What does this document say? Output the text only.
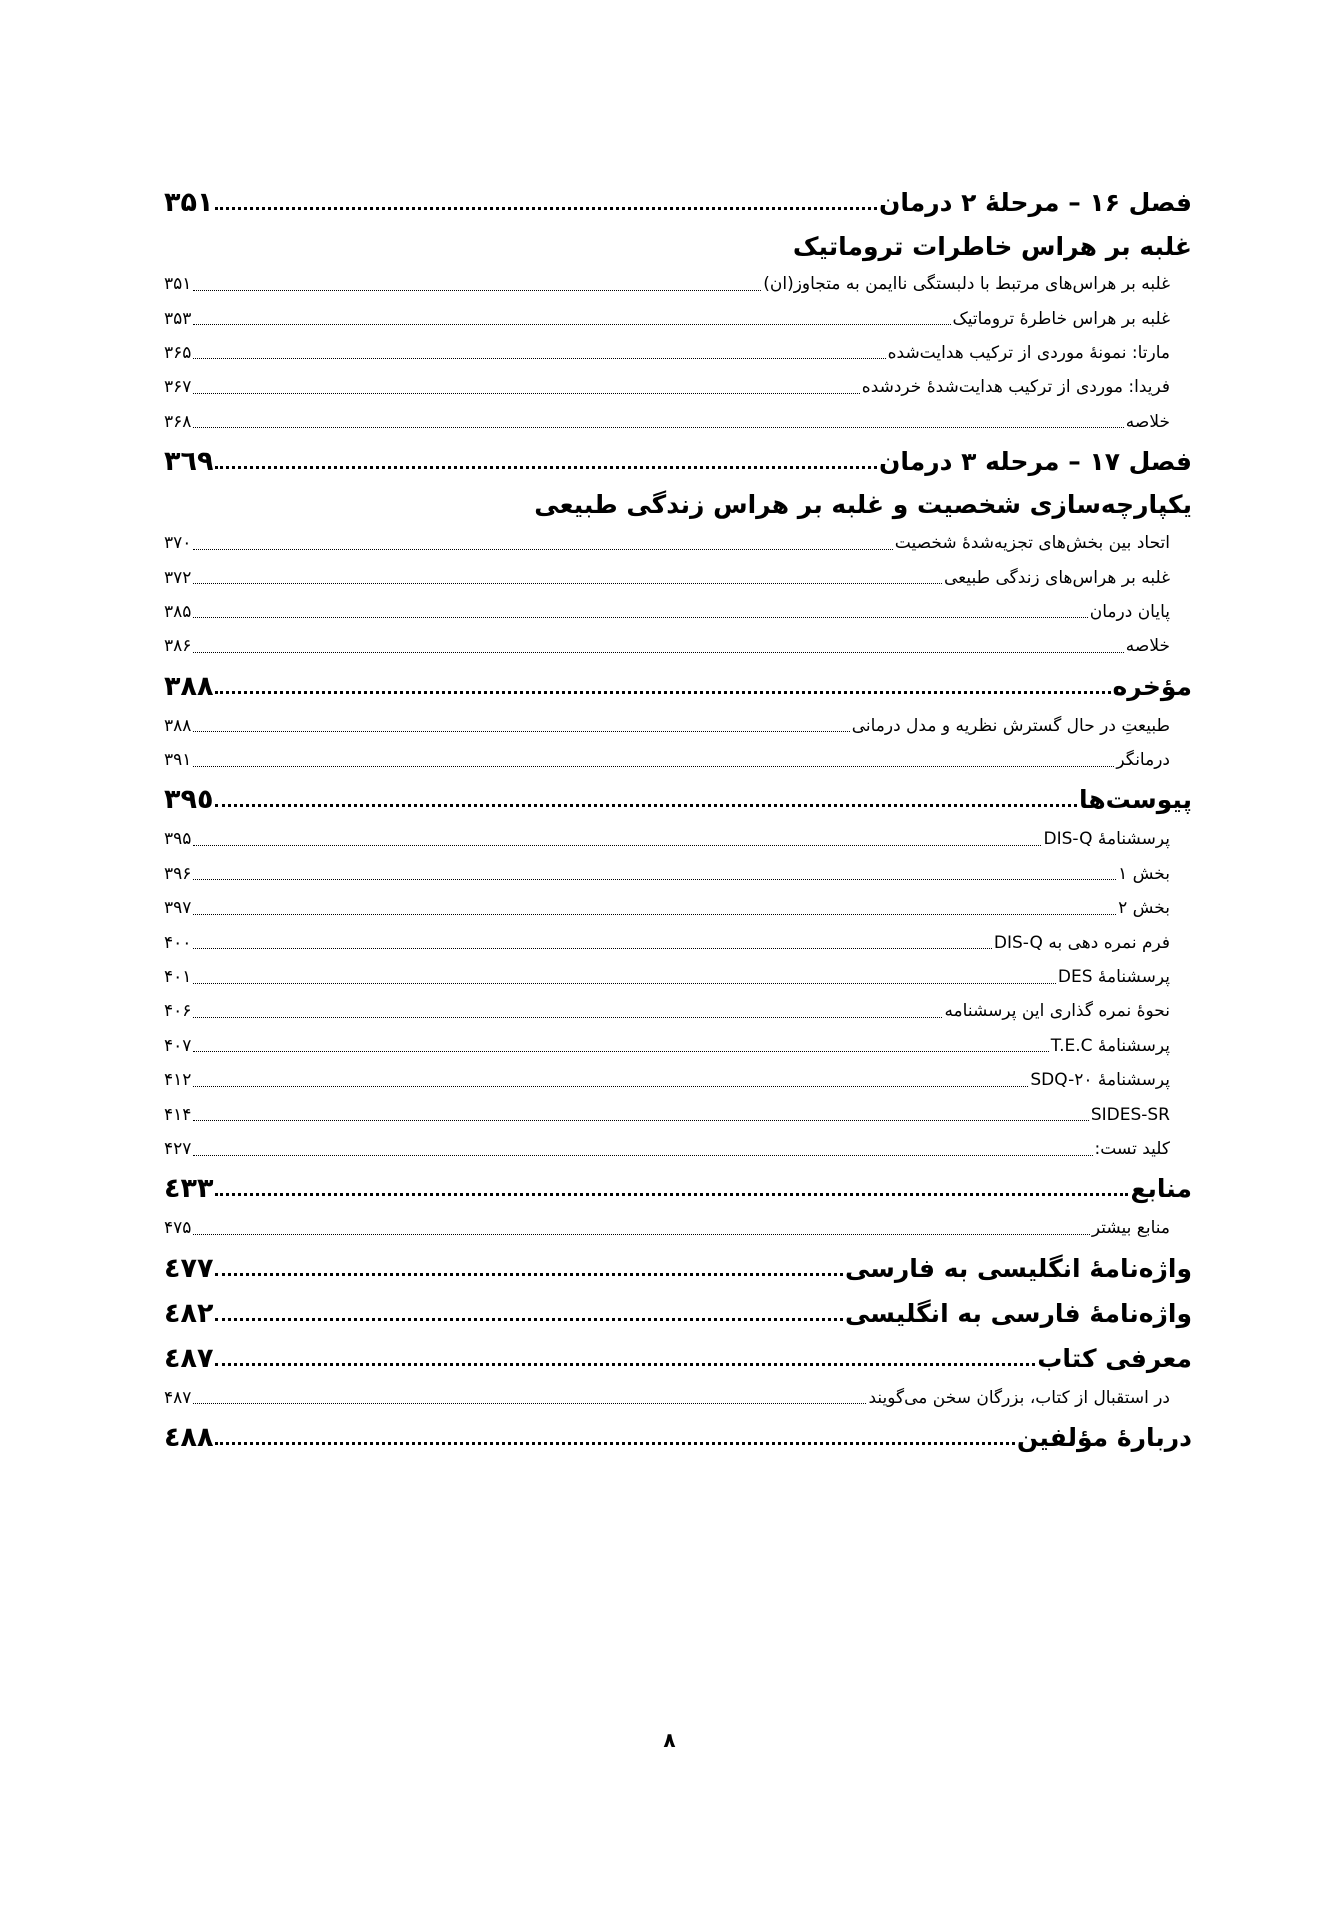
فصل ۱۶ – مرحلۀ ۲ درمان
۳۵۱
غلبه بر هراس خاطرات تروماتیک
غلبه بر هراس‌های مرتبط با دلبستگی ناایمن به متجاوز(ان)
۳۵۱
غلبه بر هراس خاطرۀ تروماتیک
۳۵۳
مارتا: نمونۀ موردی از ترکیب هدایت‌شده
۳۶۵
فریدا: موردی از ترکیب هدایت‌شدۀ خردشده
۳۶۷
خلاصه
۳۶۸
فصل ۱۷ – مرحله ۳ درمان
۳٦۹
یکپارچه‌سازی شخصیت و غلبه بر هراس زندگی طبیعی
اتحاد بین بخش‌های تجزیه‌شدۀ شخصیت
۳۷۰
غلبه بر هراس‌های زندگی طبیعی
۳۷۲
پایان درمان
۳۸۵
خلاصه
۳۸۶
مؤخره
۳۸۸
طبیعتِ در حال گسترش نظریه و مدل درمانی
۳۸۸
درمانگر
۳۹۱
پیوست‌ها
۳۹٥
پرسشنامۀ DIS-Q
۳۹۵
بخش ۱
۳۹۶
بخش ۲
۳۹۷
فرم نمره دهی به DIS-Q
۴۰۰
پرسشنامۀ DES
۴۰۱
نحوۀ نمره گذاری این پرسشنامه
۴۰۶
پرسشنامۀ T.E.C
۴۰۷
پرسشنامۀ SDQ-۲۰
۴۱۲
SIDES-SR
۴۱۴
کلید تست:
۴۲۷
منابع
٤۳۳
منابع بیشتر
۴۷۵
واژه‌نامۀ انگلیسی به فارسی
٤۷۷
واژه‌نامۀ فارسی به انگلیسی
٤۸۲
معرفی کتاب
٤۸۷
در استقبال از کتاب، بزرگان سخن می‌گویند
۴۸۷
دربارۀ مؤلفین
٤۸۸
۸
